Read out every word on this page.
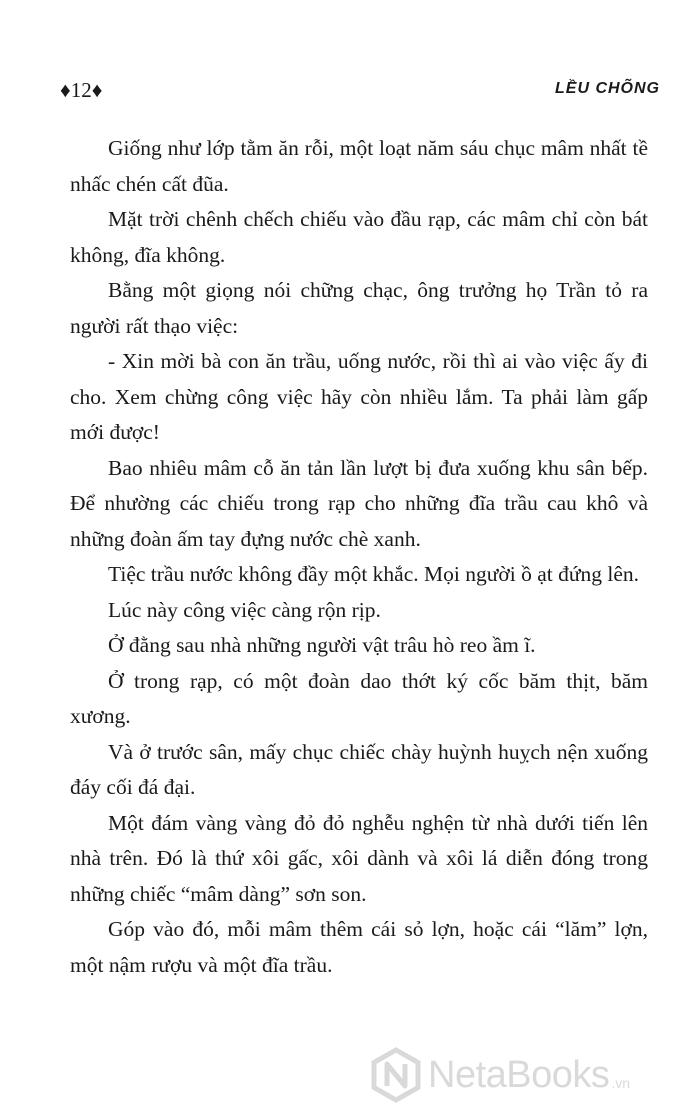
♦12♦	LỀU CHÕNG

Giống như lớp tằm ăn rỗi, một loạt năm sáu chục mâm nhất tề nhấc chén cất đũa.

Mặt trời chênh chếch chiếu vào đầu rạp, các mâm chỉ còn bát không, đĩa không.

Bằng một giọng nói chững chạc, ông trưởng họ Trần tỏ ra người rất thạo việc:

- Xin mời bà con ăn trầu, uống nước, rồi thì ai vào việc ấy đi cho. Xem chừng công việc hãy còn nhiều lắm. Ta phải làm gấp mới được!

Bao nhiêu mâm cỗ ăn tản lần lượt bị đưa xuống khu sân bếp. Để nhường các chiếu trong rạp cho những đĩa trầu cau khô và những đoàn ấm tay đựng nước chè xanh.

Tiệc trầu nước không đầy một khắc. Mọi người ồ ạt đứng lên.

Lúc này công việc càng rộn rịp.

Ở đằng sau nhà những người vật trâu hò reo ầm ĩ.

Ở trong rạp, có một đoàn dao thớt ký cốc băm thịt, băm xương.

Và ở trước sân, mấy chục chiếc chày huỳnh huỵch nện xuống đáy cối đá đại.

Một đám vàng vàng đỏ đỏ nghễu nghện từ nhà dưới tiến lên nhà trên. Đó là thứ xôi gấc, xôi dành và xôi lá diễn đóng trong những chiếc “mâm dàng” sơn son.

Góp vào đó, mỗi mâm thêm cái sỏ lợn, hoặc cái “lăm” lợn, một nậm rượu và một đĩa trầu.

NetaBooks .vn
